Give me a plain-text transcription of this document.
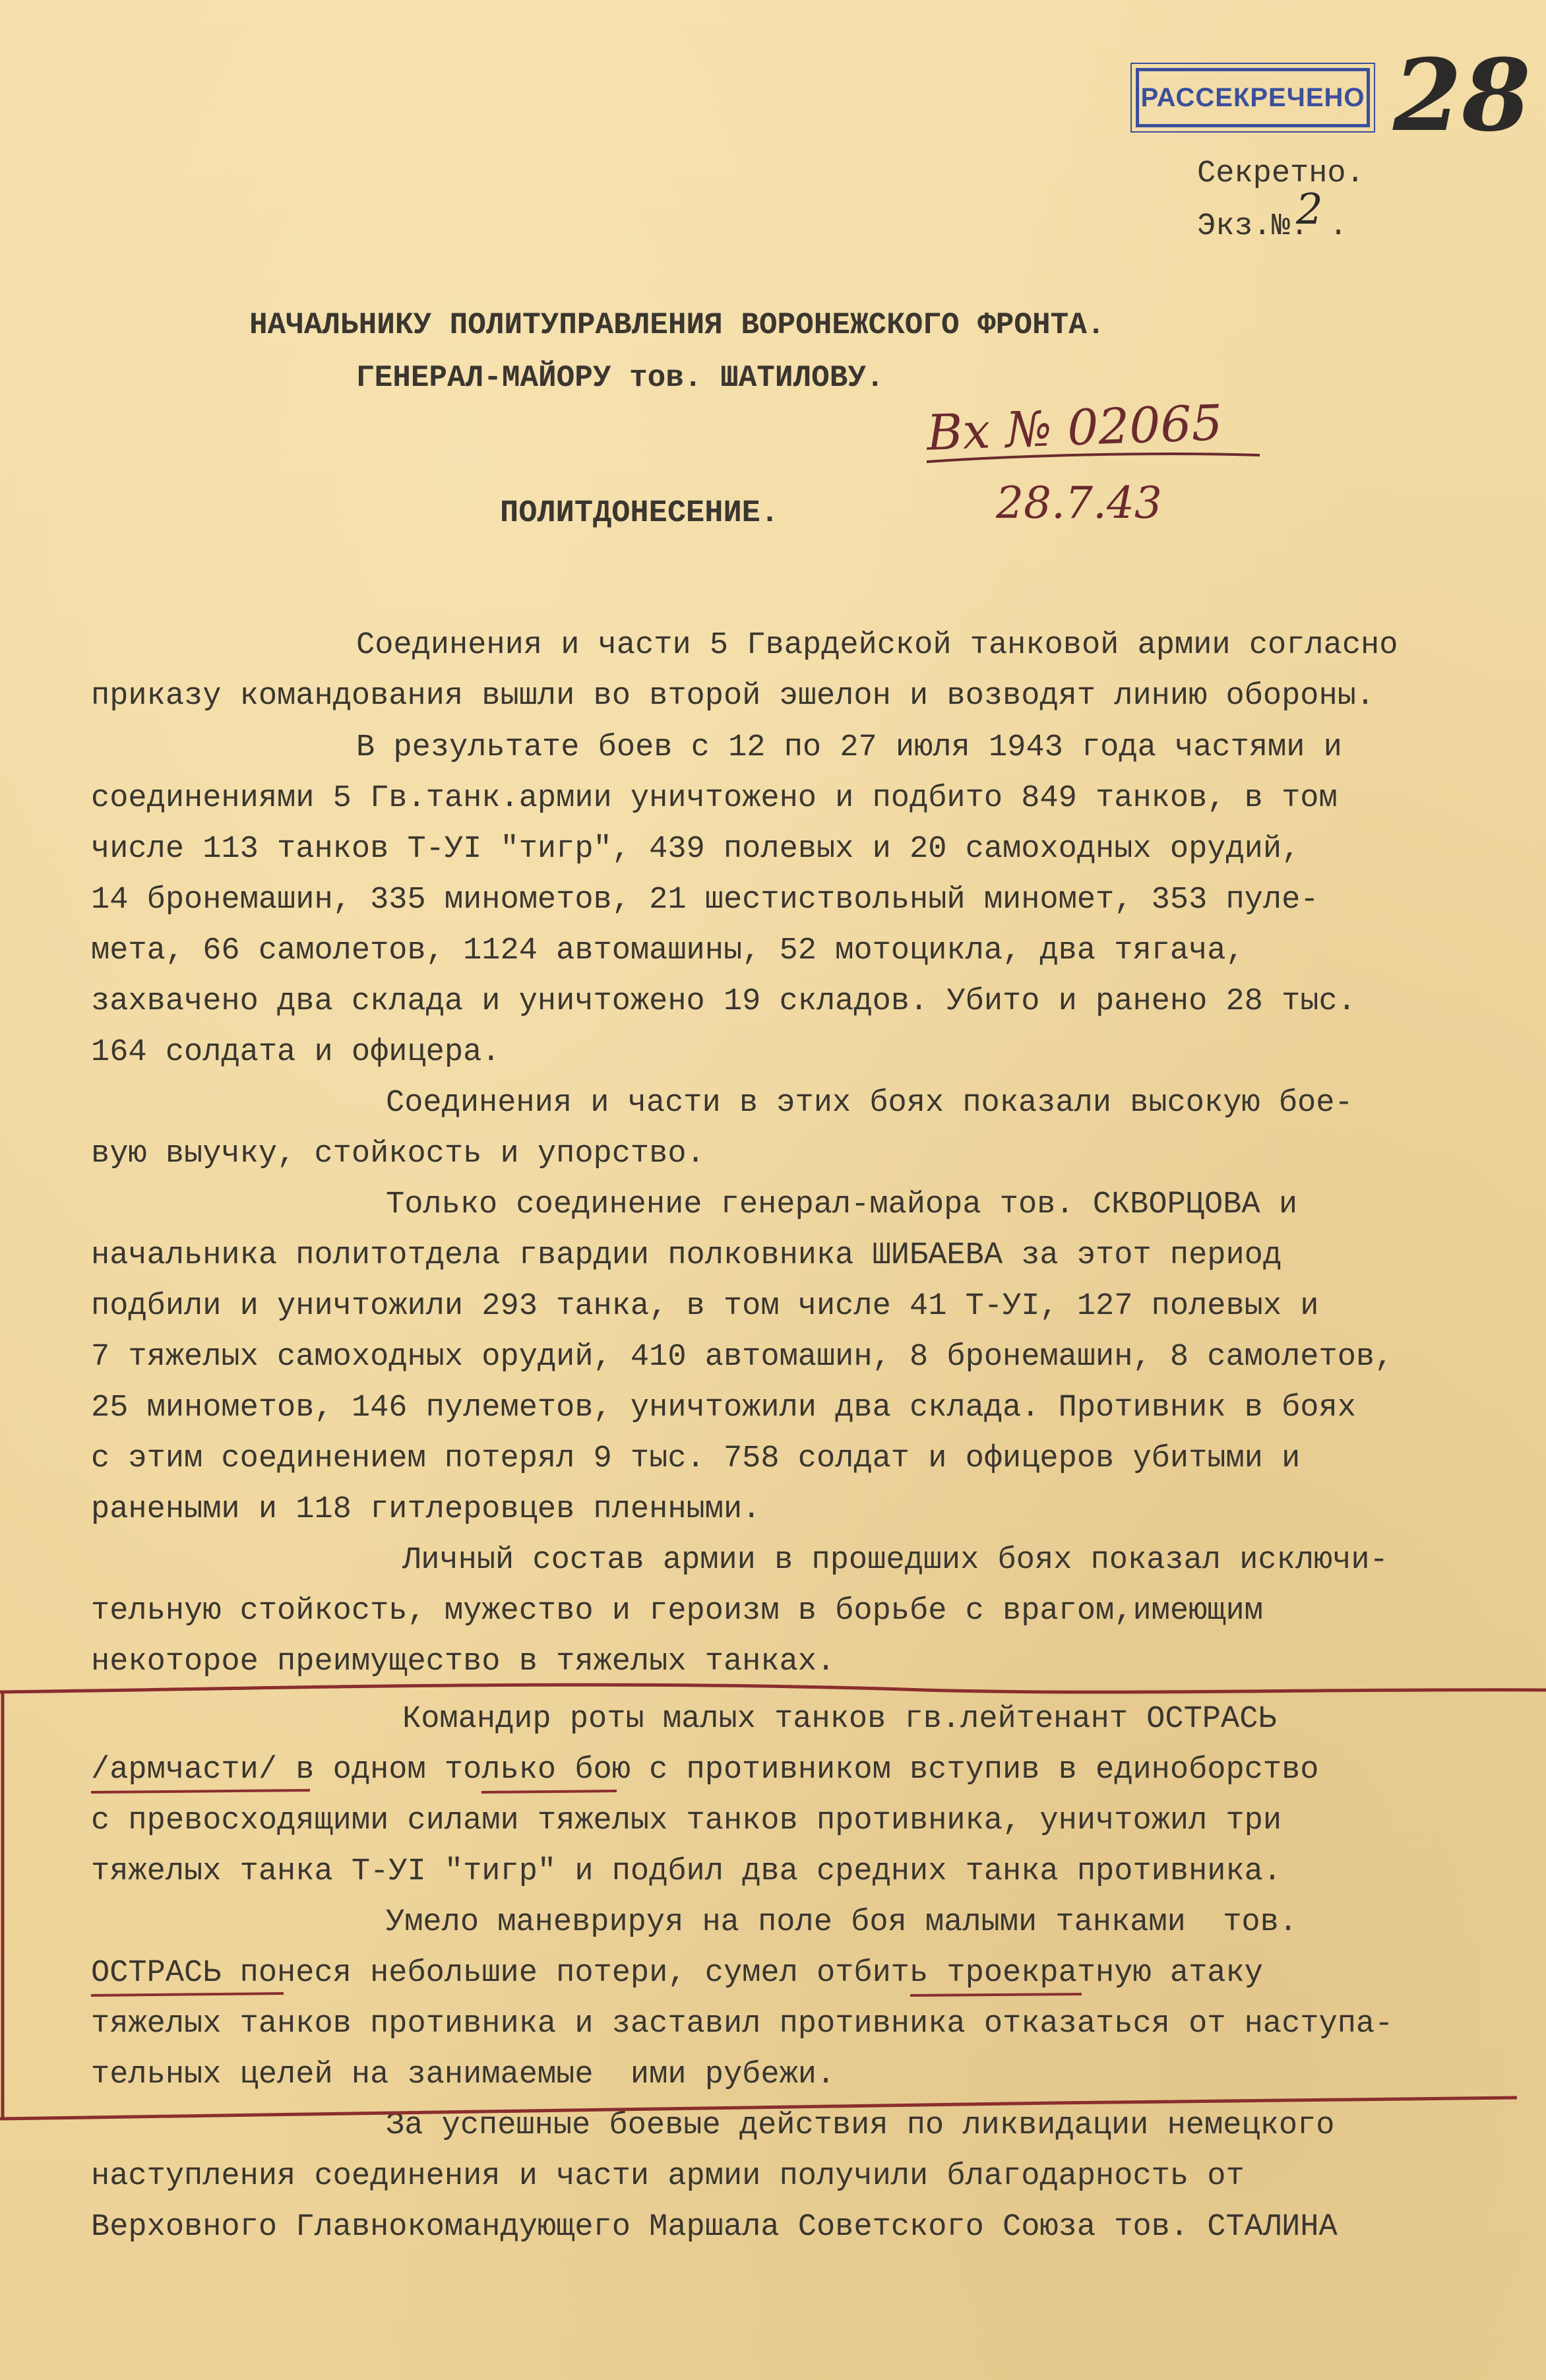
РАССЕКРЕЧЕНО 28
Секретно.
Экз.№.
2 .
НАЧАЛЬНИКУ ПОЛИТУПРАВЛЕНИЯ ВОРОНЕЖСКОГО ФРОНТА.
ГЕНЕРАЛ-МАЙОРУ тов. ШАТИЛОВУ.
Вх № 02065
28.7.43
ПОЛИТДОНЕСЕНИЕ.
Соединения и части 5 Гвардейской танковой армии согласно
приказу командования вышли во второй эшелон и возводят линию обороны.
В результате боев с 12 по 27 июля 1943 года частями и
соединениями 5 Гв.танк.армии уничтожено и подбито 849 танков, в том
числе 113 танков Т-УI "тигр", 439 полевых и 20 самоходных орудий,
14 бронемашин, 335 минометов, 21 шестиствольный миномет, 353 пуле-
мета, 66 самолетов, 1124 автомашины, 52 мотоцикла, два тягача,
захвачено два склада и уничтожено 19 складов. Убито и ранено 28 тыс.
164 солдата и офицера.
Соединения и части в этих боях показали высокую бое-
вую выучку, стойкость и упорство.
Только соединение генерал-майора тов. СКВОРЦОВА и
начальника политотдела гвардии полковника ШИБАЕВА за этот период
подбили и уничтожили 293 танка, в том числе 41 Т-УI, 127 полевых и
7 тяжелых самоходных орудий, 410 автомашин, 8 бронемашин, 8 самолетов,
25 минометов, 146 пулеметов, уничтожили два склада. Противник в боях
с этим соединением потерял 9 тыс. 758 солдат и офицеров убитыми и
ранеными и 118 гитлеровцев пленными.
Личный состав армии в прошедших боях показал исключи-
тельную стойкость, мужество и героизм в борьбе с врагом,имеющим
некоторое преимущество в тяжелых танках.
Командир роты малых танков гв.лейтенант ОСТРАСЬ
/армчасти/ в одном только бою с противником вступив в единоборство
с превосходящими силами тяжелых танков противника, уничтожил три
тяжелых танка Т-УI "тигр" и подбил два средних танка противника.
Умело маневрируя на поле боя малыми танками  тов.
ОСТРАСЬ понеся небольшие потери, сумел отбить троекратную атаку
тяжелых танков противника и заставил противника отказаться от наступа-
тельных целей на занимаемые  ими рубежи.
За успешные боевые действия по ликвидации немецкого
наступления соединения и части армии получили благодарность от
Верховного Главнокомандующего Маршала Советского Союза тов. СТАЛИНА
